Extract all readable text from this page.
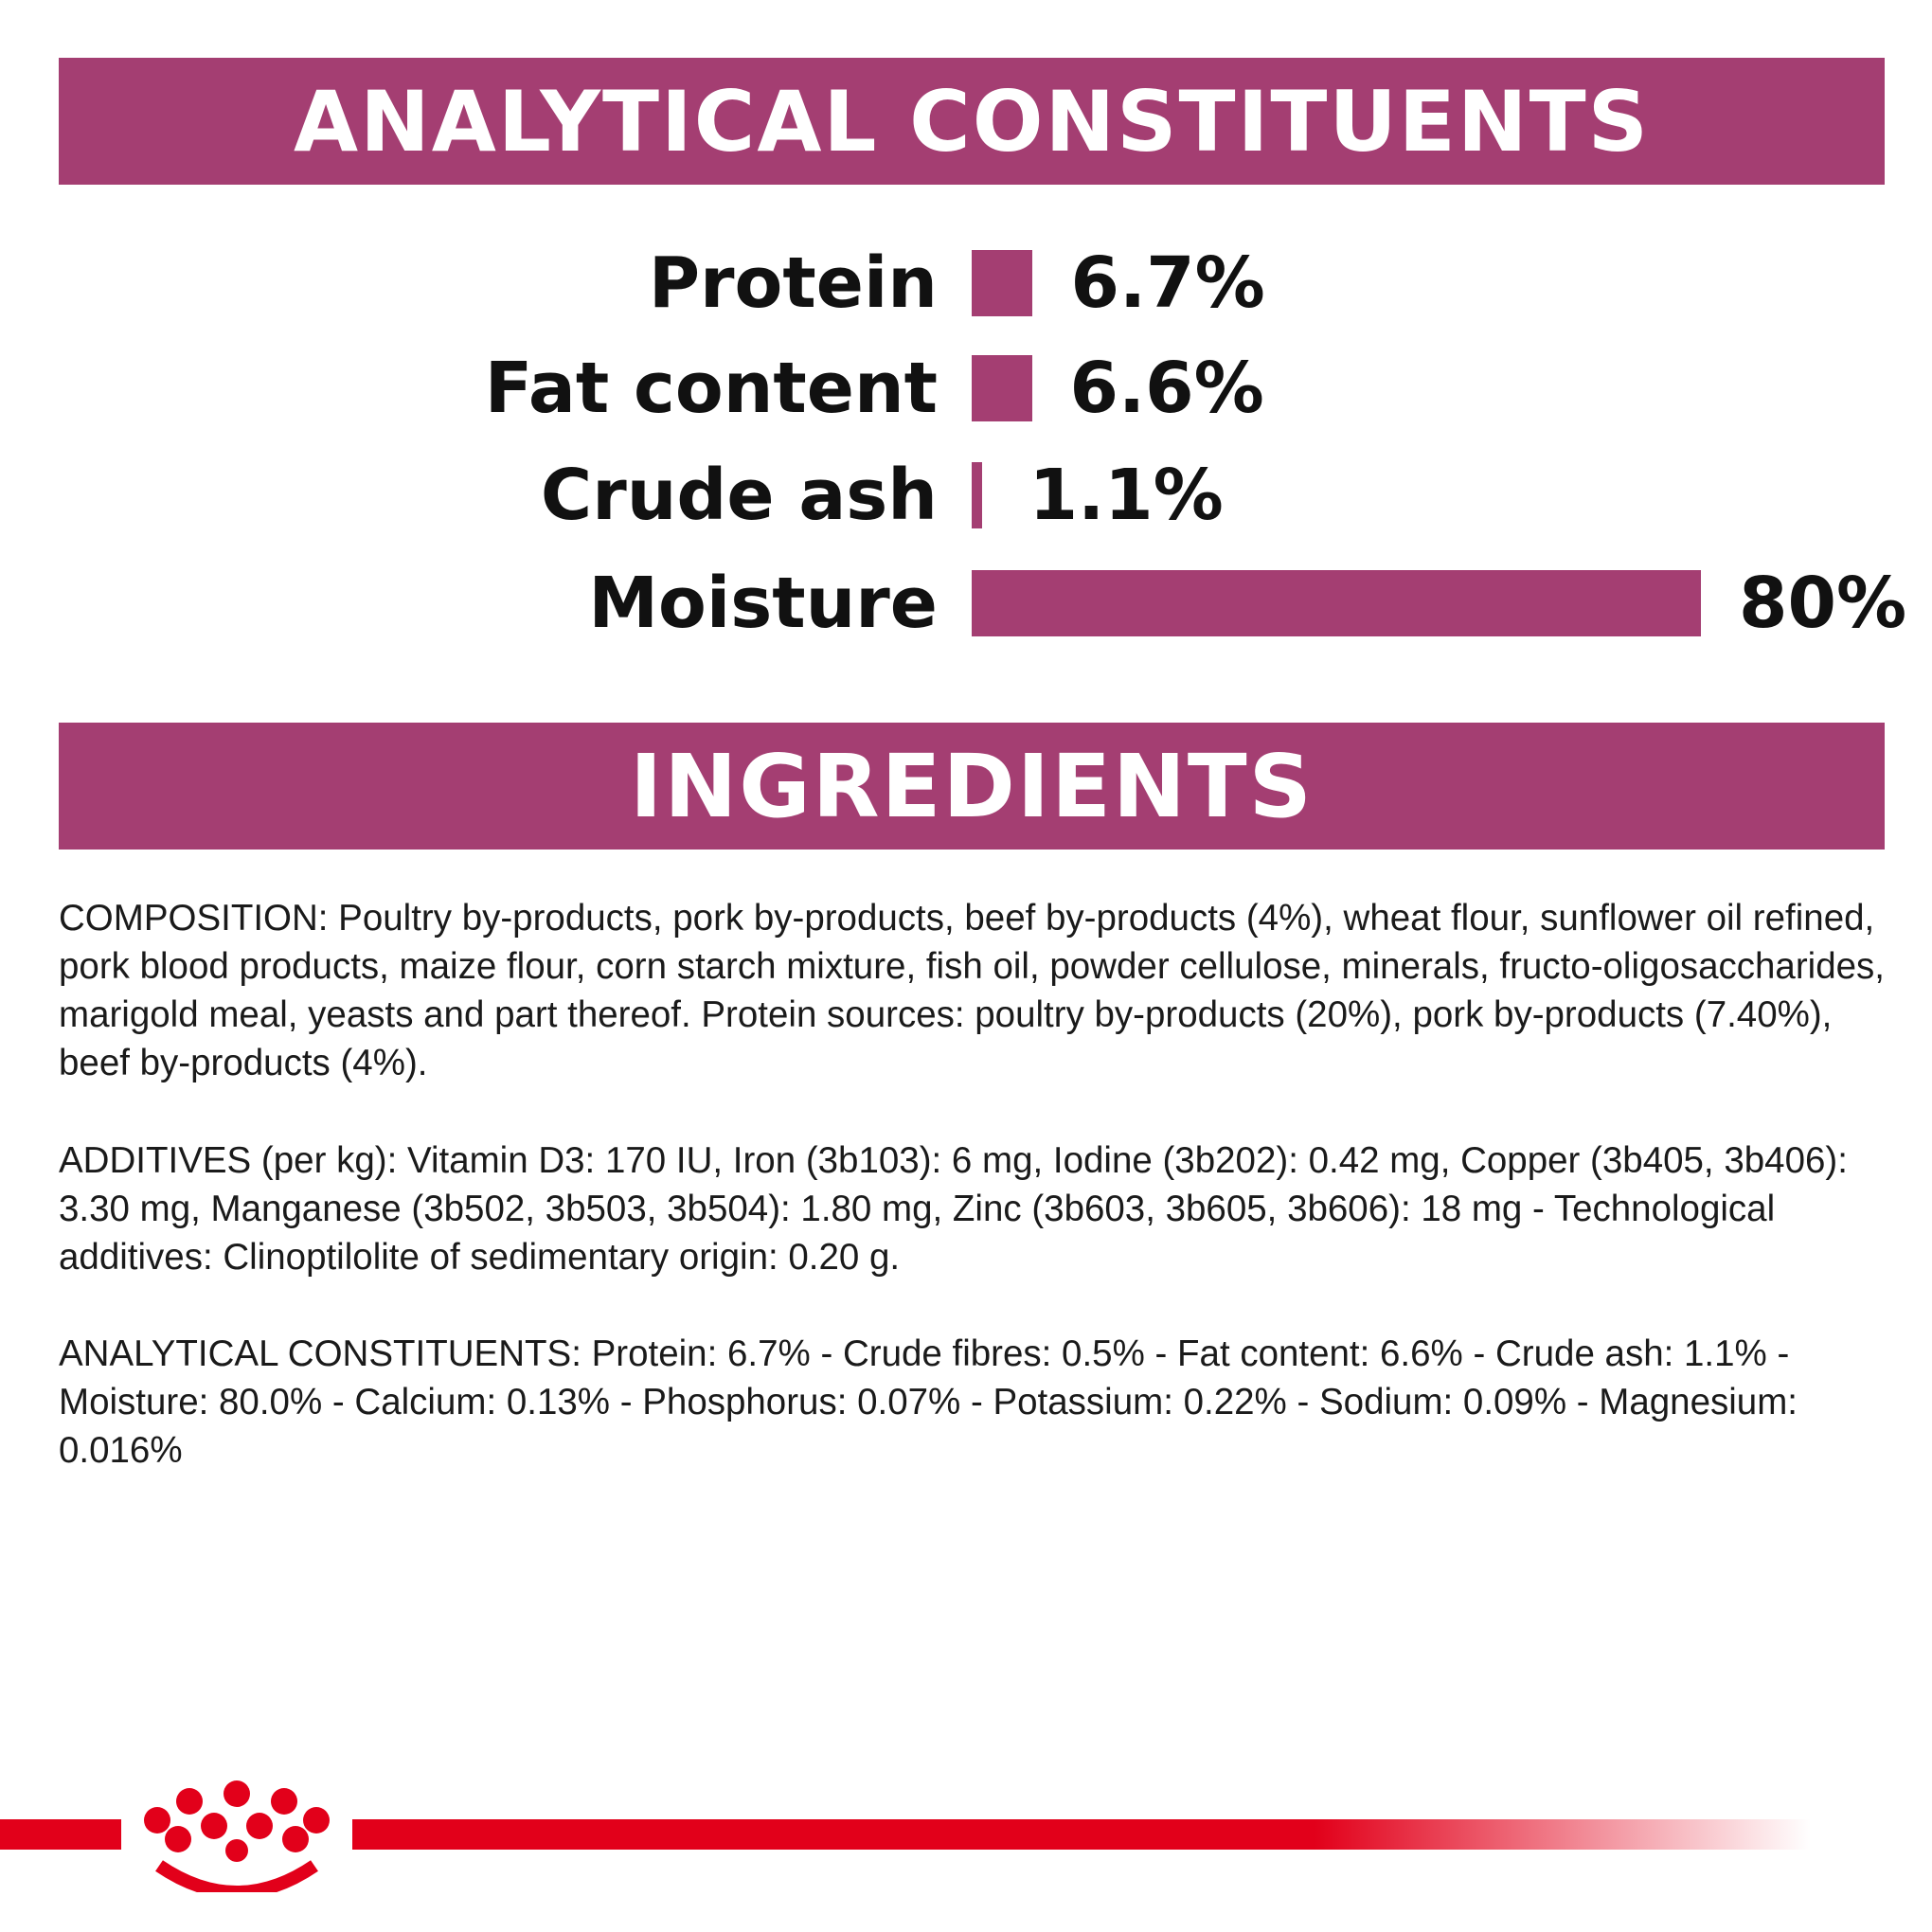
ANALYTICAL CONSTITUENTS
Protein 6.7%
Fat content 6.6%
Crude ash 1.1%
Moisture	80%
INGREDIENTS

COMPOSITION: Poultry by-products, pork by-products, beef by-products (4%), wheat flour, sunflower oil refined, pork blood products, maize flour, corn starch mixture, fish oil, powder cellulose, minerals, fructo-oligosaccharides, marigold meal, yeasts and part thereof. Protein sources: poultry by-products (20%), pork by-products (7.40%), beef by-products (4%).

ADDITIVES (per kg): Vitamin D3: 170 IU, Iron (3b103): 6 mg, Iodine (3b202): 0.42 mg, Copper (3b405, 3b406): 3.30 mg, Manganese (3b502, 3b503, 3b504): 1.80 mg, Zinc (3b603, 3b605, 3b606): 18 mg - Technological additives: Clinoptilolite of sedimentary origin: 0.20 g.

ANALYTICAL CONSTITUENTS: Protein: 6.7% - Crude fibres: 0.5% - Fat content: 6.6% - Crude ash: 1.1% - Moisture: 80.0% - Calcium: 0.13% - Phosphorus: 0.07% - Potassium: 0.22% - Sodium: 0.09% - Magnesium: 0.016%
